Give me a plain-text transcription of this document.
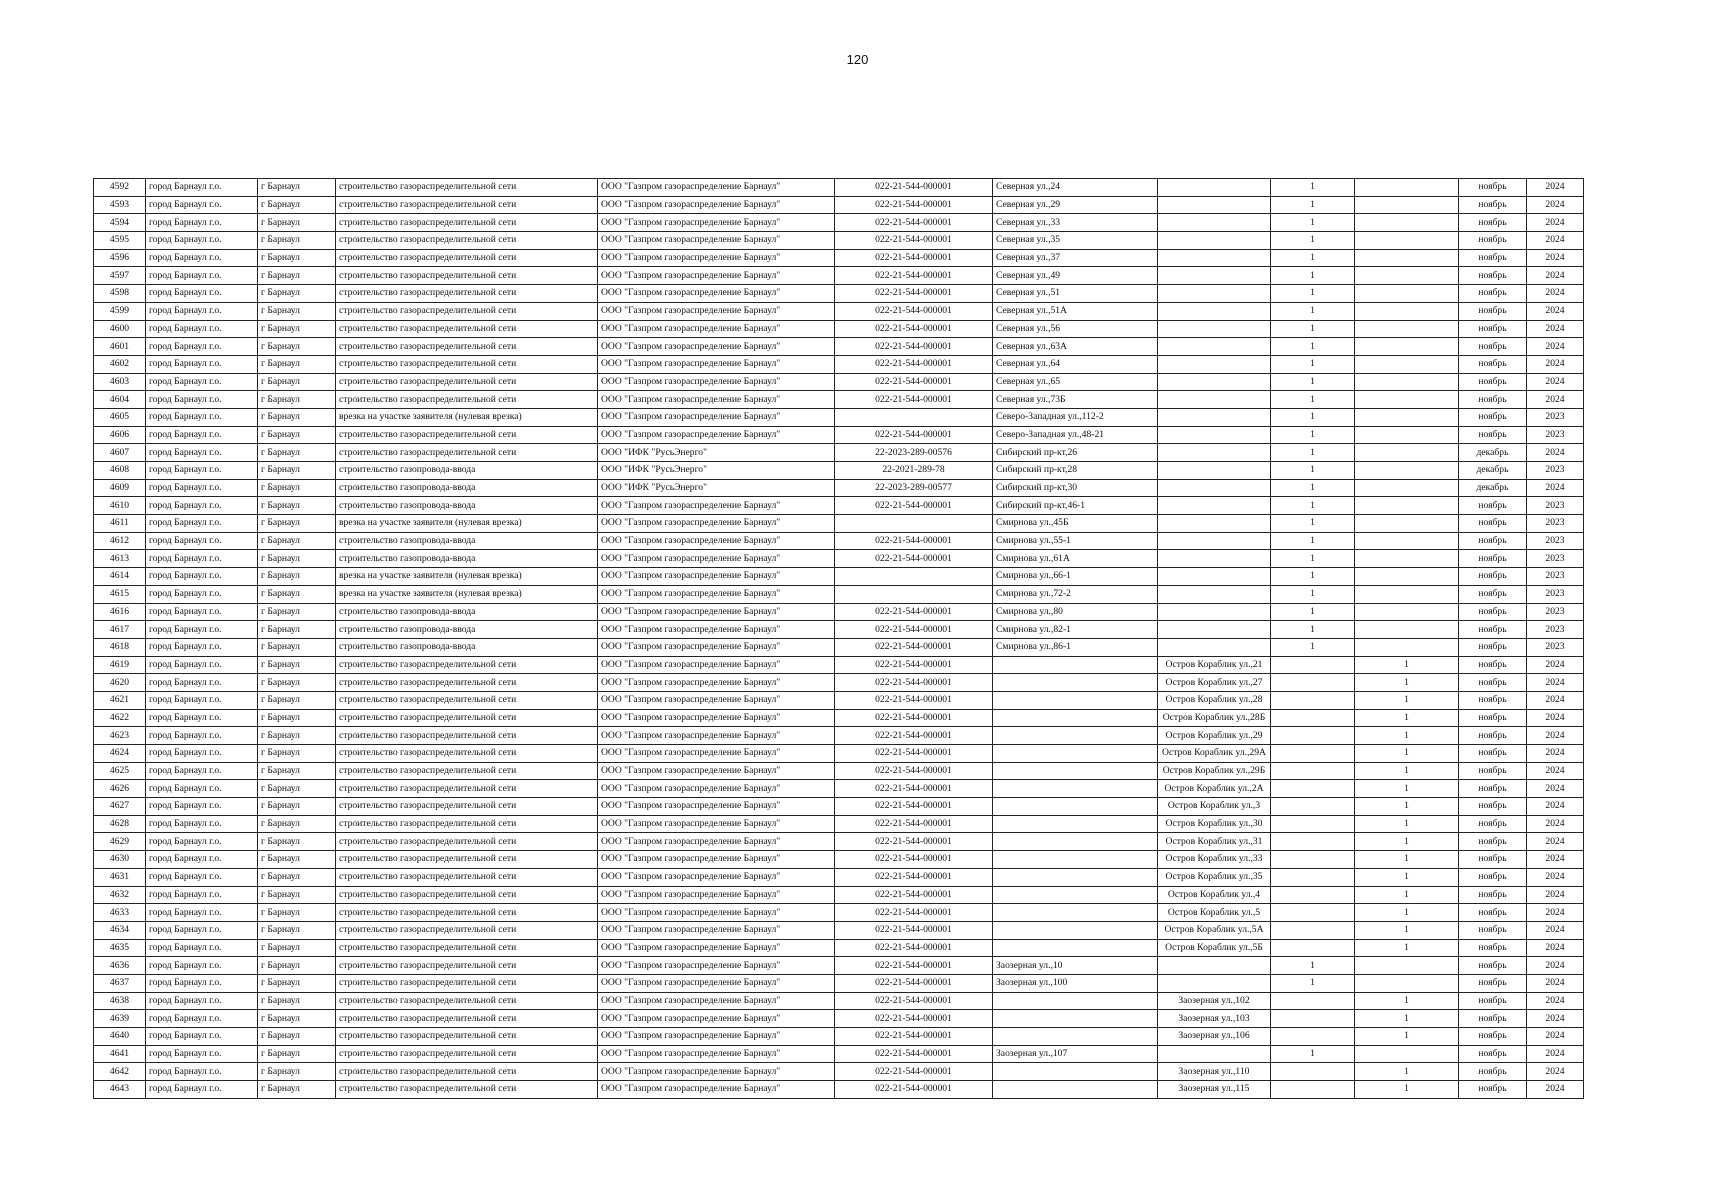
120
4592	город Барнаул г.о.	г Барнаул	строительство газораспределительной сети	ООО "Газпром газораспределение Барнаул"	022-21-544-000001	Северная ул.,24		1		ноябрь	2024
4593	город Барнаул г.о.	г Барнаул	строительство газораспределительной сети	ООО "Газпром газораспределение Барнаул"	022-21-544-000001	Северная ул.,29		1		ноябрь	2024
4594	город Барнаул г.о.	г Барнаул	строительство газораспределительной сети	ООО "Газпром газораспределение Барнаул"	022-21-544-000001	Северная ул.,33		1		ноябрь	2024
4595	город Барнаул г.о.	г Барнаул	строительство газораспределительной сети	ООО "Газпром газораспределение Барнаул"	022-21-544-000001	Северная ул.,35		1		ноябрь	2024
4596	город Барнаул г.о.	г Барнаул	строительство газораспределительной сети	ООО "Газпром газораспределение Барнаул"	022-21-544-000001	Северная ул.,37		1		ноябрь	2024
4597	город Барнаул г.о.	г Барнаул	строительство газораспределительной сети	ООО "Газпром газораспределение Барнаул"	022-21-544-000001	Северная ул.,49		1		ноябрь	2024
4598	город Барнаул г.о.	г Барнаул	строительство газораспределительной сети	ООО "Газпром газораспределение Барнаул"	022-21-544-000001	Северная ул.,51		1		ноябрь	2024
4599	город Барнаул г.о.	г Барнаул	строительство газораспределительной сети	ООО "Газпром газораспределение Барнаул"	022-21-544-000001	Северная ул.,51А		1		ноябрь	2024
4600	город Барнаул г.о.	г Барнаул	строительство газораспределительной сети	ООО "Газпром газораспределение Барнаул"	022-21-544-000001	Северная ул.,56		1		ноябрь	2024
4601	город Барнаул г.о.	г Барнаул	строительство газораспределительной сети	ООО "Газпром газораспределение Барнаул"	022-21-544-000001	Северная ул.,63А		1		ноябрь	2024
4602	город Барнаул г.о.	г Барнаул	строительство газораспределительной сети	ООО "Газпром газораспределение Барнаул"	022-21-544-000001	Северная ул.,64		1		ноябрь	2024
4603	город Барнаул г.о.	г Барнаул	строительство газораспределительной сети	ООО "Газпром газораспределение Барнаул"	022-21-544-000001	Северная ул.,65		1		ноябрь	2024
4604	город Барнаул г.о.	г Барнаул	строительство газораспределительной сети	ООО "Газпром газораспределение Барнаул"	022-21-544-000001	Северная ул.,73Б		1		ноябрь	2024
4605	город Барнаул г.о.	г Барнаул	врезка на участке заявителя (нулевая врезка)	ООО "Газпром газораспределение Барнаул"		Северо-Западная ул.,112-2		1		ноябрь	2023
4606	город Барнаул г.о.	г Барнаул	строительство газораспределительной сети	ООО "Газпром газораспределение Барнаул"	022-21-544-000001	Северо-Западная ул.,48-21		1		ноябрь	2023
4607	город Барнаул г.о.	г Барнаул	строительство газораспределительной сети	ООО "ИФК "РусьЭнерго"	22-2023-289-00576	Сибирский пр-кт,26		1		декабрь	2024
4608	город Барнаул г.о.	г Барнаул	строительство газопровода-ввода	ООО "ИФК "РусьЭнерго"	22-2021-289-78	Сибирский пр-кт,28		1		декабрь	2023
4609	город Барнаул г.о.	г Барнаул	строительство газопровода-ввода	ООО "ИФК "РусьЭнерго"	22-2023-289-00577	Сибирский пр-кт,30		1		декабрь	2024
4610	город Барнаул г.о.	г Барнаул	строительство газопровода-ввода	ООО "Газпром газораспределение Барнаул"	022-21-544-000001	Сибирский пр-кт,46-1		1		ноябрь	2023
4611	город Барнаул г.о.	г Барнаул	врезка на участке заявителя (нулевая врезка)	ООО "Газпром газораспределение Барнаул"		Смирнова ул.,45Б		1		ноябрь	2023
4612	город Барнаул г.о.	г Барнаул	строительство газопровода-ввода	ООО "Газпром газораспределение Барнаул"	022-21-544-000001	Смирнова ул.,55-1		1		ноябрь	2023
4613	город Барнаул г.о.	г Барнаул	строительство газопровода-ввода	ООО "Газпром газораспределение Барнаул"	022-21-544-000001	Смирнова ул.,61А		1		ноябрь	2023
4614	город Барнаул г.о.	г Барнаул	врезка на участке заявителя (нулевая врезка)	ООО "Газпром газораспределение Барнаул"		Смирнова ул.,66-1		1		ноябрь	2023
4615	город Барнаул г.о.	г Барнаул	врезка на участке заявителя (нулевая врезка)	ООО "Газпром газораспределение Барнаул"		Смирнова ул.,72-2		1		ноябрь	2023
4616	город Барнаул г.о.	г Барнаул	строительство газопровода-ввода	ООО "Газпром газораспределение Барнаул"	022-21-544-000001	Смирнова ул.,80		1		ноябрь	2023
4617	город Барнаул г.о.	г Барнаул	строительство газопровода-ввода	ООО "Газпром газораспределение Барнаул"	022-21-544-000001	Смирнова ул.,82-1		1		ноябрь	2023
4618	город Барнаул г.о.	г Барнаул	строительство газопровода-ввода	ООО "Газпром газораспределение Барнаул"	022-21-544-000001	Смирнова ул.,86-1		1		ноябрь	2023
4619	город Барнаул г.о.	г Барнаул	строительство газораспределительной сети	ООО "Газпром газораспределение Барнаул"	022-21-544-000001		Остров Кораблик ул.,21		1	ноябрь	2024
4620	город Барнаул г.о.	г Барнаул	строительство газораспределительной сети	ООО "Газпром газораспределение Барнаул"	022-21-544-000001		Остров Кораблик ул.,27		1	ноябрь	2024
4621	город Барнаул г.о.	г Барнаул	строительство газораспределительной сети	ООО "Газпром газораспределение Барнаул"	022-21-544-000001		Остров Кораблик ул.,28		1	ноябрь	2024
4622	город Барнаул г.о.	г Барнаул	строительство газораспределительной сети	ООО "Газпром газораспределение Барнаул"	022-21-544-000001		Остров Кораблик ул.,28Б		1	ноябрь	2024
4623	город Барнаул г.о.	г Барнаул	строительство газораспределительной сети	ООО "Газпром газораспределение Барнаул"	022-21-544-000001		Остров Кораблик ул.,29		1	ноябрь	2024
4624	город Барнаул г.о.	г Барнаул	строительство газораспределительной сети	ООО "Газпром газораспределение Барнаул"	022-21-544-000001		Остров Кораблик ул.,29А		1	ноябрь	2024
4625	город Барнаул г.о.	г Барнаул	строительство газораспределительной сети	ООО "Газпром газораспределение Барнаул"	022-21-544-000001		Остров Кораблик ул.,29Б		1	ноябрь	2024
4626	город Барнаул г.о.	г Барнаул	строительство газораспределительной сети	ООО "Газпром газораспределение Барнаул"	022-21-544-000001		Остров Кораблик ул.,2А		1	ноябрь	2024
4627	город Барнаул г.о.	г Барнаул	строительство газораспределительной сети	ООО "Газпром газораспределение Барнаул"	022-21-544-000001		Остров Кораблик ул.,3		1	ноябрь	2024
4628	город Барнаул г.о.	г Барнаул	строительство газораспределительной сети	ООО "Газпром газораспределение Барнаул"	022-21-544-000001		Остров Кораблик ул.,30		1	ноябрь	2024
4629	город Барнаул г.о.	г Барнаул	строительство газораспределительной сети	ООО "Газпром газораспределение Барнаул"	022-21-544-000001		Остров Кораблик ул.,31		1	ноябрь	2024
4630	город Барнаул г.о.	г Барнаул	строительство газораспределительной сети	ООО "Газпром газораспределение Барнаул"	022-21-544-000001		Остров Кораблик ул.,33		1	ноябрь	2024
4631	город Барнаул г.о.	г Барнаул	строительство газораспределительной сети	ООО "Газпром газораспределение Барнаул"	022-21-544-000001		Остров Кораблик ул.,35		1	ноябрь	2024
4632	город Барнаул г.о.	г Барнаул	строительство газораспределительной сети	ООО "Газпром газораспределение Барнаул"	022-21-544-000001		Остров Кораблик ул.,4		1	ноябрь	2024
4633	город Барнаул г.о.	г Барнаул	строительство газораспределительной сети	ООО "Газпром газораспределение Барнаул"	022-21-544-000001		Остров Кораблик ул.,5		1	ноябрь	2024
4634	город Барнаул г.о.	г Барнаул	строительство газораспределительной сети	ООО "Газпром газораспределение Барнаул"	022-21-544-000001		Остров Кораблик ул.,5А		1	ноябрь	2024
4635	город Барнаул г.о.	г Барнаул	строительство газораспределительной сети	ООО "Газпром газораспределение Барнаул"	022-21-544-000001		Остров Кораблик ул.,5Б		1	ноябрь	2024
4636	город Барнаул г.о.	г Барнаул	строительство газораспределительной сети	ООО "Газпром газораспределение Барнаул"	022-21-544-000001	Заозерная ул.,10		1		ноябрь	2024
4637	город Барнаул г.о.	г Барнаул	строительство газораспределительной сети	ООО "Газпром газораспределение Барнаул"	022-21-544-000001	Заозерная ул.,100		1		ноябрь	2024
4638	город Барнаул г.о.	г Барнаул	строительство газораспределительной сети	ООО "Газпром газораспределение Барнаул"	022-21-544-000001		Заозерная ул.,102		1	ноябрь	2024
4639	город Барнаул г.о.	г Барнаул	строительство газораспределительной сети	ООО "Газпром газораспределение Барнаул"	022-21-544-000001		Заозерная ул.,103		1	ноябрь	2024
4640	город Барнаул г.о.	г Барнаул	строительство газораспределительной сети	ООО "Газпром газораспределение Барнаул"	022-21-544-000001		Заозерная ул.,106		1	ноябрь	2024
4641	город Барнаул г.о.	г Барнаул	строительство газораспределительной сети	ООО "Газпром газораспределение Барнаул"	022-21-544-000001	Заозерная ул.,107		1		ноябрь	2024
4642	город Барнаул г.о.	г Барнаул	строительство газораспределительной сети	ООО "Газпром газораспределение Барнаул"	022-21-544-000001		Заозерная ул.,110		1	ноябрь	2024
4643	город Барнаул г.о.	г Барнаул	строительство газораспределительной сети	ООО "Газпром газораспределение Барнаул"	022-21-544-000001		Заозерная ул.,115		1	ноябрь	2024
